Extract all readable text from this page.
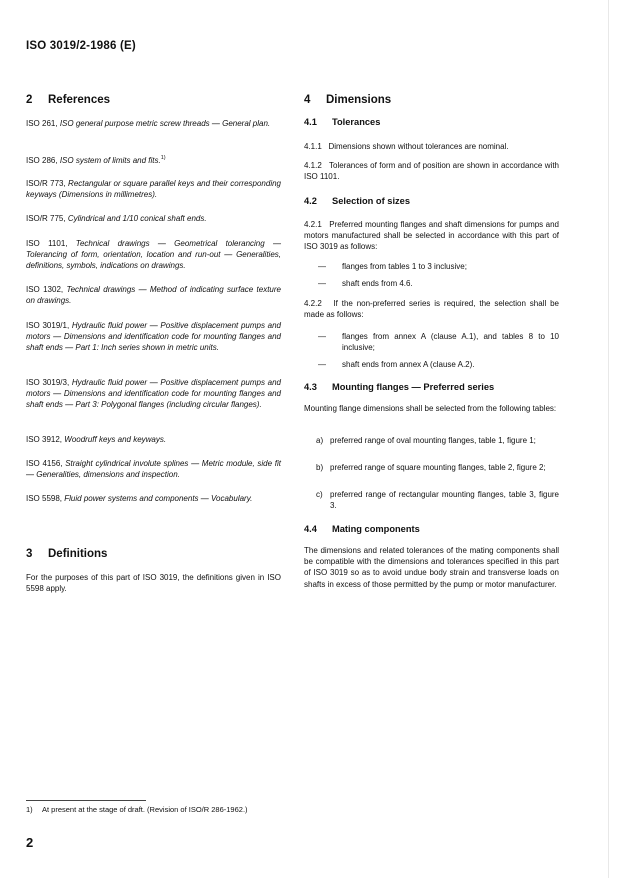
ISO 3019/2-1986 (E)
2 References
ISO 261, ISO general purpose metric screw threads — General plan.
ISO 286, ISO system of limits and fits.$^{1)}$
ISO/R 773, Rectangular or square parallel keys and their corresponding keyways (Dimensions in millimetres).
ISO/R 775, Cylindrical and 1/10 conical shaft ends.
ISO 1101, Technical drawings — Geometrical tolerancing — Tolerancing of form, orientation, location and run-out — Generalities, definitions, symbols, indications on drawings.
ISO 1302, Technical drawings — Method of indicating surface texture on drawings.
ISO 3019/1, Hydraulic fluid power — Positive displacement pumps and motors — Dimensions and identification code for mounting flanges and shaft ends — Part 1: Inch series shown in metric units.
ISO 3019/3, Hydraulic fluid power — Positive displacement pumps and motors — Dimensions and identification code for mounting flanges and shaft ends — Part 3: Polygonal flanges (including circular flanges).
ISO 3912, Woodruff keys and keyways.
ISO 4156, Straight cylindrical involute splines — Metric module, side fit — Generalities, dimensions and inspection.
ISO 5598, Fluid power systems and components — Vocabulary.
3 Definitions
For the purposes of this part of ISO 3019, the definitions given in ISO 5598 apply.
4 Dimensions
4.1 Tolerances
4.1.1 Dimensions shown without tolerances are nominal.
4.1.2 Tolerances of form and of position are shown in accordance with ISO 1101.
4.2 Selection of sizes
4.2.1 Preferred mounting flanges and shaft dimensions for pumps and motors manufactured shall be selected in accordance with this part of ISO 3019 as follows:
— flanges from tables 1 to 3 inclusive;
— shaft ends from 4.6.
4.2.2 If the non-preferred series is required, the selection shall be made as follows:
— flanges from annex A (clause A.1), and tables 8 to 10 inclusive;
— shaft ends from annex A (clause A.2).
4.3 Mounting flanges — Preferred series
Mounting flange dimensions shall be selected from the following tables:
a) preferred range of oval mounting flanges, table 1, figure 1;
b) preferred range of square mounting flanges, table 2, figure 2;
c) preferred range of rectangular mounting flanges, table 3, figure 3.
4.4 Mating components
The dimensions and related tolerances of the mating components shall be compatible with the dimensions and tolerances specified in this part of ISO 3019 so as to avoid undue body strain and transverse loads on shafts in excess of those permitted by the pump or motor manufacturer.
1) At present at the stage of draft. (Revision of ISO/R 286-1962.)
2
